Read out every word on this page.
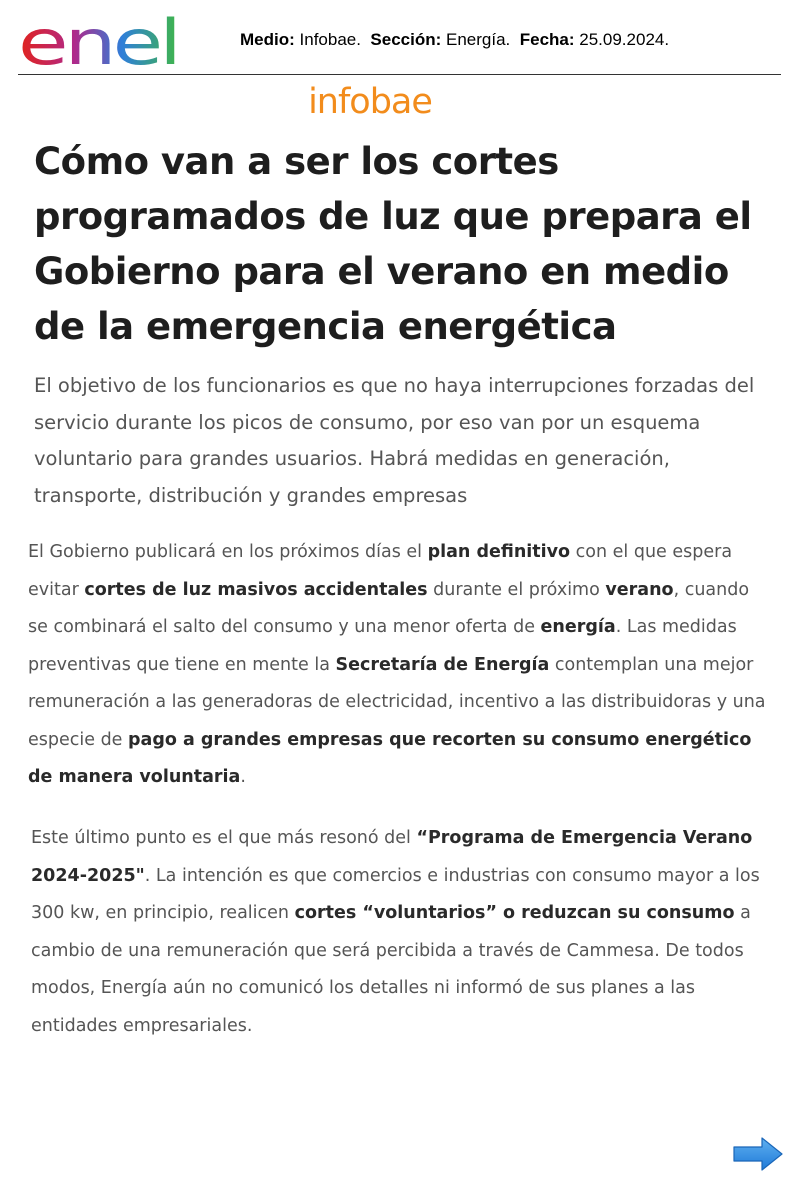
enel	Medio: Infobae. Sección: Energía. Fecha: 25.09.2024.
infobae
Cómo van a ser los cortes programados de luz que prepara el Gobierno para el verano en medio de la emergencia energética

El objetivo de los funcionarios es que no haya interrupciones forzadas del servicio durante los picos de consumo, por eso van por un esquema voluntario para grandes usuarios. Habrá medidas en generación, transporte, distribución y grandes empresas

El Gobierno publicará en los próximos días el plan definitivo con el que espera evitar cortes de luz masivos accidentales durante el próximo verano, cuando se combinará el salto del consumo y una menor oferta de energía. Las medidas preventivas que tiene en mente la Secretaría de Energía contemplan una mejor remuneración a las generadoras de electricidad, incentivo a las distribuidoras y una especie de pago a grandes empresas que recorten su consumo energético de manera voluntaria.

Este último punto es el que más resonó del “Programa de Emergencia Verano 2024-2025". La intención es que comercios e industrias con consumo mayor a los 300 kw, en principio, realicen cortes “voluntarios” o reduzcan su consumo a cambio de una remuneración que será percibida a través de Cammesa. De todos modos, Energía aún no comunicó los detalles ni informó de sus planes a las entidades empresariales.
